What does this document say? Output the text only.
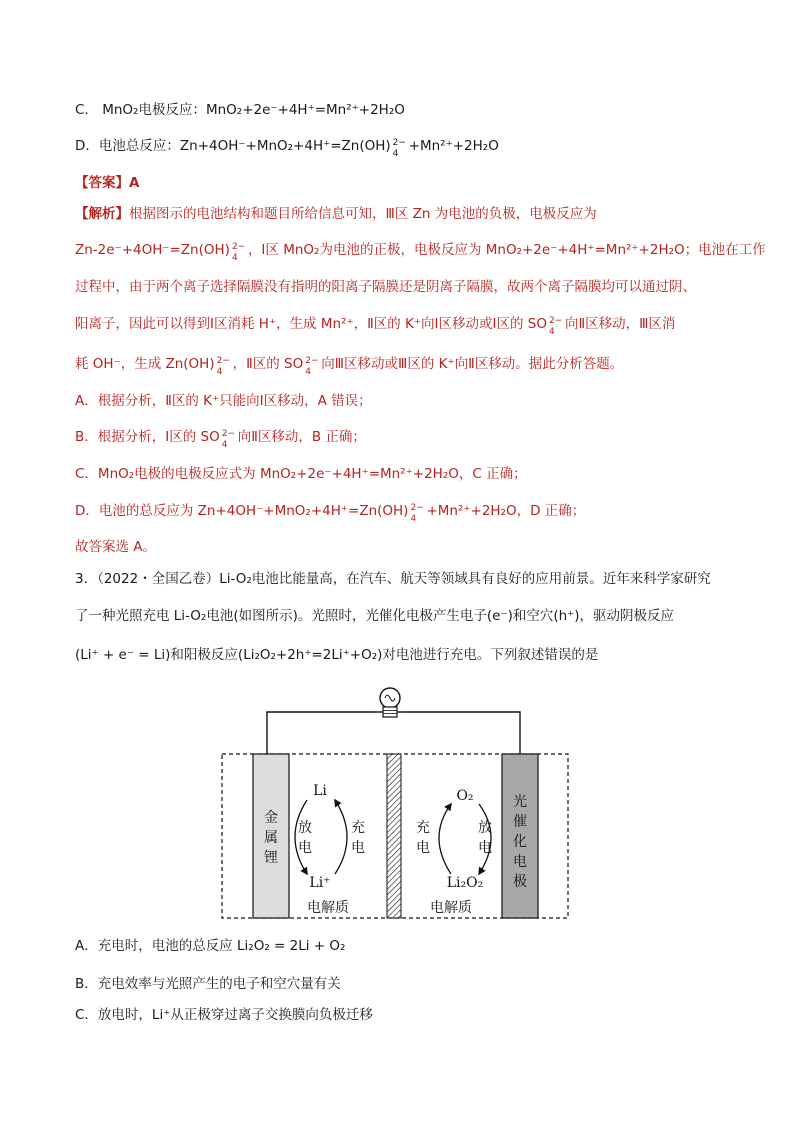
C． MnO₂电极反应：MnO₂+2e⁻+4H⁺=Mn²⁺+2H₂O
D．电池总反应：Zn+4OH⁻+MnO₂+4H⁺=Zn(OH) 2−
4 +Mn²⁺+2H₂O
【答案】A
【解析】根据图示的电池结构和题目所给信息可知，Ⅲ区 Zn 为电池的负极，电极反应为
Zn-2e⁻+4OH⁻=Zn(OH) 2−
4 ，Ⅰ区 MnO₂为电池的正极，电极反应为 MnO₂+2e⁻+4H⁺=Mn²⁺+2H₂O；电池在工作
过程中，由于两个离子选择隔膜没有指明的阳离子隔膜还是阴离子隔膜，故两个离子隔膜均可以通过阴、
阳离子，因此可以得到Ⅰ区消耗 H⁺，生成 Mn²⁺，Ⅱ区的 K⁺向Ⅰ区移动或Ⅰ区的 SO 2−
4 向Ⅱ区移动，Ⅲ区消
耗 OH⁻，生成 Zn(OH) 2−
4 ，Ⅱ区的 SO 2−
4 向Ⅲ区移动或Ⅲ区的 K⁺向Ⅱ区移动。据此分析答题。
A．根据分析，Ⅱ区的 K⁺只能向Ⅰ区移动，A 错误；
B．根据分析，Ⅰ区的 SO 2−
4 向Ⅱ区移动，B 正确；
C．MnO₂电极的电极反应式为 MnO₂+2e⁻+4H⁺=Mn²⁺+2H₂O，C 正确；
D．电池的总反应为 Zn+4OH⁻+MnO₂+4H⁺=Zn(OH) 2−
4 +Mn²⁺+2H₂O，D 正确；
故答案选 A。
3．（2022・全国乙卷）Li-O₂电池比能量高，在汽车、航天等领域具有良好的应用前景。近年来科学家研究
了一种光照充电 Li-O₂电池(如图所示)。光照时，光催化电极产生电子(e⁻)和空穴(h⁺)，驱动阴极反应
(Li⁺ + e⁻ = Li)和阳极反应(Li₂O₂+2h⁺=2Li⁺+O₂)对电池进行充电。下列叙述错误的是
金
属
锂
光
催
化
电
极
Li
Li⁺
放
电
充
电
电解质
O₂
Li₂O₂
充
电
放
电
电解质
A．充电时，电池的总反应 Li₂O₂ = 2Li + O₂
B．充电效率与光照产生的电子和空穴量有关
C．放电时，Li⁺从正极穿过离子交换膜向负极迁移
